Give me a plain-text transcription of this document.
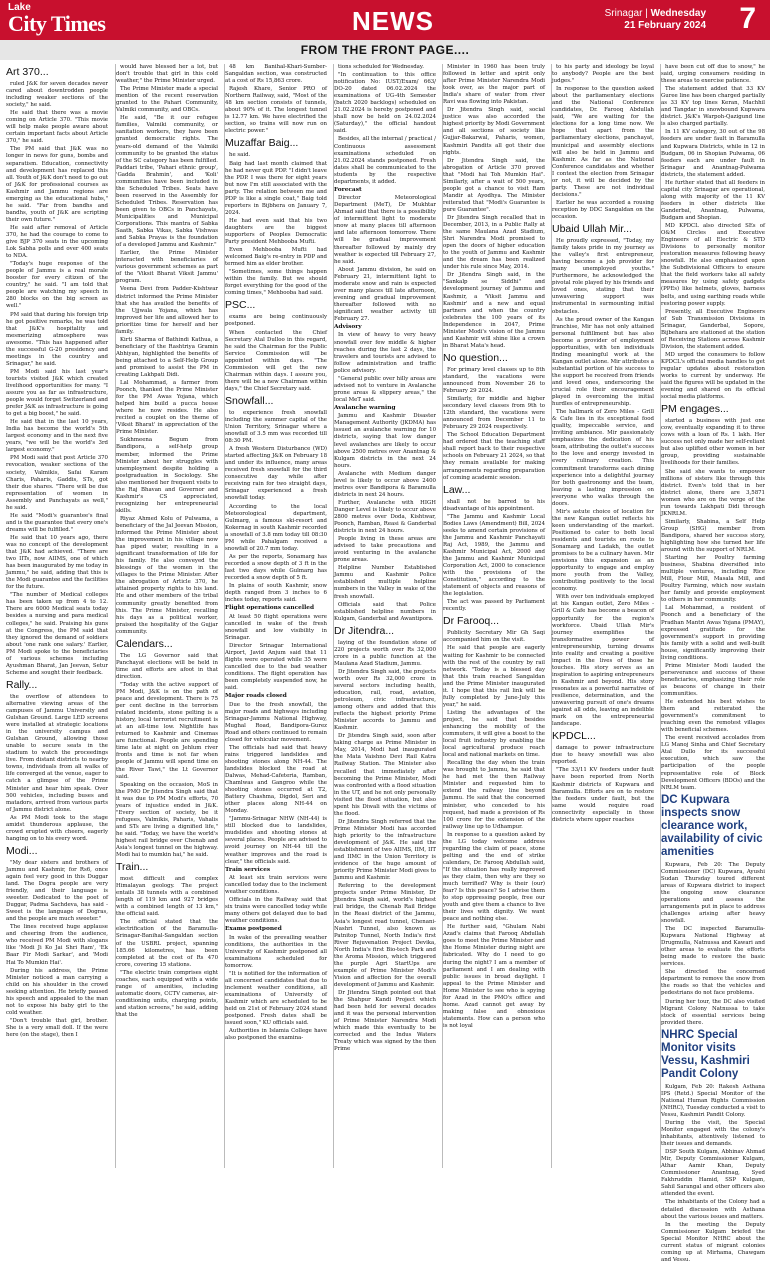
Lake
City Times	NEWS	Srinagar | Wednesday
21 February 2024 7
FROM THE FRONT PAGE....
Art 370...

ruled J&K for seven decades never cared about downtrodden people including weaker sections of the society," he said.

He said that there was a movie coming on Article 370. "This movie will help make people aware about certain important facts about Article 370," he said.

The PM said that J&K was no longer in news for guns, bombs and separatism. Education, connectivity and development has replaced this all. Youth of J&K don't need to go out of J&K for professional courses as Kashmir and Jammu regions are emerging as the educational hubs," he said. "Far from bandhs and bandhs, youth of J&K are scripting their own future."

He said after removal of Article 370, he had the courage to come to give BJP 370 seats in the upcoming Lok Sabha polls and over 400 seats to NDA.

"Today's huge response of the people of Jammu is a real morale booster for every citizen of the country," he said. "I am told that people are watching my speech in 280 blocks on the big screen as well."

PM said that during his foreign trip he got positive remarks, he was told that J&K's hospitality and mesmerizing atmosphere was awesome. "This has happened after the successful G-20 presidency and meetings in the country and Srinagar," he said.

PM Modi said his last year's tourists visited J&K which created livelihood opportunities for many. "I assure you as far as infrastructure, people would forget Switzerland and prefer J&K as infrastructure is going to get a big boost," he said.

He said that in the last 10 years, India has become the world's 5th largest economy and in the next five years, "we will be the world's 3rd largest economy."

PM Modi said that post Article 370 revocation, weaker sections of the society, Valmikis, Safai Karam Charis, Paharis, Gaddis, STs, got their due shares. "There will be due representation of women in Assembly and Panchayats as well," he said.

He said "Modi's guarantee's final and is the guarantee that every one's dreams will be fulfilled."

He said that 10 years ago, there was no concept of the development that J&K had achieved. "There are two IITs, now AIIMS, one of which has been inaugurated by me today in Jammu," he said, adding that this is the Modi guarantee and the facilities for the future.

"The number of Medical colleges has been taken up from 4 to 12. There are 6000 Medical seats today besides a nursing and para medical colleges," he said. Praising his guns at the Congress, the PM said that they ignored the demand of soldiers about 'one rank one salary.' Earlier, PM Modi spoke to the beneficiaries of various schemes including Ayushman Bharat, Jan Jeevan, Setur Scheme and sought their feedback.

Rally...

the overflow of attendees to alternative viewing areas of the campuses of Jammu University and Gulshan Ground. Large LED screens were installed at strategic locations in the university campus and Gulshan Ground, allowing those unable to secure seats in the stadium to watch the proceedings live. From distant districts to nearby towns, individuals from all walks of life converged at the venue, eager to catch a glimpse of the Prime Minister and hear him speak. Over 500 vehicles, including buses and matadors, arrived from various parts of Jammu district alone.

As PM Modi took to the stage amidst thunderous applause, the crowd erupted with cheers, eagerly hanging on to his every word.

Modi...

"My dear sisters and brothers of Jammu and Kashmir, for Rs6, once again feel very good in this Duggar land. The Dogra people are very friendly, and their language is sweeter. Dedicated to the poet of Duggar, Padma Sachdeva, has said - Sweet is the language of Dogras, and the people are much sweeter."

The lines received huge applause and cheering from the audience, who received PM Modi with slogans like 'Modi Ji Ko Jai Shri Ram', 'Ek Baar Fir Modi Sarkar', and 'Modi Hai To Mumkin Hai'.

During his address, the Prime Minister noticed a man carrying a child on his shoulder in the crowd seeking attention. He briefly paused his speech and appealed to the man not to expose his baby girl to the cold weather.

"Don't trouble that girl, brother. She is a very small doll. If the were here (on the stage), then I

would have blessed her a lot, but don't trouble that girl in this cold weather," the Prime Minister urged.

The Prime Minister made a special mention of the recent reservation granted to the Pahari Community, Valmiki community, and OBCs.

He said, "Be it our refugee families, Valmiki community, or sanitation workers, they have been granted democratic rights. The years-old demand of the Valmiki community to be granted the status of the SC category has been fulfilled. Paddari tribe, 'Pahari ethnic group', 'Gadda Brahmin', and 'Koli' communities have been included in the Scheduled Tribes. Seats have been reserved in the Assembly for Scheduled Tribes. Reservation has been given to OBCs in Panchayats, Municipalities and Municipal Corporations. This mantra of Sabka Saath, Sabka Vikas, Sabka Vishwas and Sabka Prayas is the foundation of a developed Jammu and Kashmir."

Earlier, the Prime Minister interacted with beneficiaries of various government schemes as part of the 'Viksit Bharat Viksit Jammu' program.

Veena Devi from Padder-Kishtwar district informed the Prime Minister that she has availed the benefits of the Ujjwala Yojana, which has improved her life and allowed her to prioritize time for herself and her family.

Kirti Sharma of Bathindi Kathua, a beneficiary of the Rashtriya Gramin Abhiyan, highlighted the benefits of being attached to a Self-Help Group and promised to assist the PM in creating Lakhpati Didi.

Lal Mohammad, a farmer from Poonch, thanked the Prime Minister for the PM Awas Yojana, which helped him build a pucca house where he now resides. He also recited a couplet on the theme of 'Viksit Bharat' in appreciation of the Prime Minister.

Sukhmeena Begum from Bandipora, a self-help group member, informed the Prime Minister about her struggles with unemployment despite holding a postgraduation in Sociology. She also mentioned her frequent visits to the Raj Bhavan and Governor and Kashmir's CS appreciated, recognizing her entrepreneurial skills.

Riyaz Ahmed Kolu of Pulwama, a beneficiary of the Jal Jeevan Mission, informed the Prime Minister about the improvement in his village now has piped water, resulting in a significant transformation of life for his family. He also conveyed the blessings of the women in the villages to the Prime Minister. After the abrogation of Article 370, he attained property rights to his land. He and other members of the tribal community greatly benefited from this. The Prime Minister, recalling his days as a political worker, praised the hospitality of the Gujjar community.

Calendars...

The LG Governor said that Panchayat elections will be held in time and efforts are afoot in that direction.

"Today with the active support of PM Modi, J&K is on the path of peace and development. There is 75 per cent decline in the terrorism related incidents, stone pelting is a history, local terrorist recruitment is at an all-time low. Nightlife has returned to Kashmir and Cinemas are functional. People are spending time late at night on Jehlum river fronts and time is not far when people of Jammu will spend time on the River Tawi," the Lt Governor said.

Speaking on the occasion, MoS in the PMO Dr Jitendra Singh said that it was due to PM Modi's efforts, 70 years of injustice ended in J&K. "Every section of society, be it refugees, Valmikis, Paharis, Vahalis and STs are living a dignified life," he said. "Today, we have the world's highest rail bridge over Chenab and Asia's longest tunnel on the highway. Modi hai to mumkin hai," he said.

Train...

most difficult and complex Himalayan geology. The project entails 38 tunnels with a combined length of 119 km and 927 bridges with a combined length of 13 km," the official said.

The official stated that the electrification of the Baramulla-Srinagar-Banihal-Sangaldan section of the USBRL project, spanning 185.66 kilometres, has been completed at the cost of Rs 470 crore, covering 15 stations.

"The electric train comprises eight coaches, each equipped with a wide range of amenities, including automatic doors, CCTV cameras, air-conditioning units, charging points, and station screens," he said, adding that the

48 km Banihal-Khari-Sumber-Sangaldan section, was constructed at a cost of Rs 15,863 crore.

Rajesh Khare, Senior PRO of Northern Railway, said, "Most of the 48 km section consists of tunnels, about 90% of it. The longest tunnel is 12.77 km. We have electrified the section, so trains will now run on electric power."

Muzaffar Baig...

he said.

Baig had last month claimed that he had never quit PDP. "I didn't leave the PDP. I was there for eight years but now I'm still associated with the party. The relation between me and PDP is like a single coat," Baig told reporters in Bijbhera on January 7, 2024.

He had even said that his two daughters are the biggest supporters of Peoples Democratic Party president Mehbooba Mufti.

Even Mehbooba Mufti had welcomed Baig's re-entry in PDP and termed him as elder brother.

"Sometimes, some things happen within the family. But we should forget everything for the good of the coming times," Mehbooba had said.

PSC...

exams are being continuously postponed.

When contacted the Chief Secretary Atal Dulloo in this regard, he said the Chairman for the Public Service Commission will be appointed within days. "The Commission will get the new Chairman within days. I assure you, there will be a new Chairman within days," the Chief Secretary said.

Snowfall...

to experience fresh snowfall including the summer capital of the Union Territory, Srinagar where a snowfall of 3.5 mm was recorded till 08:30 PM.

A fresh Western Disturbance (WD) started affecting J&K on February 18 and under its influence, many areas received fresh snowfall for the third consecutive day while after receiving rain for two straight days, Srinagar experienced a fresh snowfall today.

According to the local Meteorological department, Gulmarg, a famous ski-resort and Kokernag in south Kashmir recorded a snowfall of 3.8 mm today till 08:30 PM while Pahalgam received a snowfall of 20.7 mm today.

As per the reports, Sonamarg has recorded a snow depth of 3 ft in the last two days while Gulmarg has recorded a snow depth of 5 ft.

In plains of south Kashmir, snow depth ranged from 3 inches to 6 inches today, reports said.

Flight operations cancelled

At least 50 flight operations were cancelled in wake of the fresh snowfall and low visibility in Srinagar.

Director Srinagar International Airport, Javid Anjum said that 11 flights were operated while 35 were cancelled due to the bad weather conditions. The flight operation has been completely suspended now, he said.

Major roads closed

Due to the fresh snowfall, the major roads and highways including Srinagar-Jammu National Highway, Mughal Road, Bandipora-Gurez Road and others continued to remain closed for vehicular movement.

The officials had said that heavy rains triggered landslides and shooting stones along NH-44. The landslides blocked the road at Dalwas, Mehad-Cafeteria, Ramban, Chamlwas and Gangroo while the shooting stones occurred at T2, Battery Chashma, Digdol, Seri and other places along NH-44 on Monday.

"Jammu-Srinagar NHW (NH-44) is still blocked due to landslides, mudslides and shooting stones at several places. People are advised to avoid journey on NH-44 till the weather improves and the road is clear," the officials said.

Train services

At least six train services were cancelled today due to the inclement weather conditions.

Officials in the Railway said that six trains were cancelled today while many others got delayed due to bad weather conditions.

Exams postponed

In wake of the prevailing weather conditions, the authorities in the University of Kashmir postponed all examinations scheduled for tomorrow.

"It is notified for the information of all concerned candidates that due to inclement weather conditions, all examinations of University of Kashmir which are scheduled to be held on 21st of February 2024 stand postponed. Fresh dates shall be issued soon," KU officials said.

Authorities in Islamia College have also postponed the examina-

tions scheduled for Wednesday.

"In continuation to this office notification No: IUST/Exam/ 663/ DO-20 dated 06.02.2024 the examinations of UG-4th Semester (batch 2020 backlogs) scheduled on 21.02.2024 is hereby postponed and shall now be held on 24.02.2024 (Saturday)," the official handout said.

Besides, all the internal / practical / Continuous assessment examinations scheduled on 21.02.2024 stands postponed. Fresh dates shall be communicated to the students by the respective departments, it added.

Forecast

Director Meteorological Department (MeT), Dr Mukhtar Ahmad said that there is a possibility of intermittent light to moderate snow at many places till afternoon and late afternoon tomorrow. There will be gradual improvement thereafter followed by mainly dry weather is expected till February 27, he said.

About Jammu division, he said on February 21, intermittent light to moderate snow and rain is expected over many places till late afternoon, evening and gradual improvement thereafter followed with no significant weather activity till February 27.

Advisory

In view of heavy to very heavy snowfall over few middle & higher reaches during the last 2 days, the travelers and tourists are advised to follow administration and traffic police advisory.

"General public over hilly areas are advised not to venture in Avalanche prone areas & slippery areas," the local MeT said.

Avalanche warning

Jammu and Kashmir Disaster Management Authority (JKDMA) has issued an avalanche warning for 10 districts, saying that low danger level avalanches are likely to occur above 2500 metres over Anantnag & Kulgam districts in the next 24 hours.

Avalanche with Medium danger level is likely to occur above 2400 metres over Bandipora & Baramulla districts in next 24 hours.

Further, Avalanche with HIGH Danger Level is likely to occur above 2800 metres over Doda, Kishtwar, Poonch, Ramban, Reasi & Ganderbal districts in next 24 hours.

People living in these areas are advised to take precautions and avoid venturing in the avalanche prone areas.

Helpline Number Established Jammu and Kashmir Police established multiple helpline numbers in the Valley in wake of the fresh snowfall.

Officials said that Police established helpline numbers in Kulgam, Ganderbal and Awantipora.

Dr Jitendra...

laying of the foundation stone of 220 projects worth over Rs 32,000 crore in a public function at the Maulana Azad Stadium, Jammu.

Dr Jitendra Singh said, the projects worth over Rs 32,000 crore in several sectors including health, education, rail, road, aviation, petroleum, civic infrastructure, among others and added that this reflects the highest priority Prime Minister accords to Jammu and Kashmir.

Dr Jitendra Singh said, soon after taking charge as Prime Minister in May, 2014, Modi had inaugurated the Mata Vaishno Devi Rail Katra Railway Station. The Minister also recalled that immediately after becoming the Prime Minister, Modi was confronted with a flood situation in the UT, and he not only personally visited the flood situation, but also spent his Diwali with the victims of the flood.

Dr Jitendra Singh referred that the Prime Minister Modi has accorded high priority to the infrastructure development of J&K. He said the establishment of two AIIMS, IIM, IIT and IIMC in the Union Territory is evidence of the huge amount of priority Prime Minister Modi gives to Jammu and Kashmir.

Referring to the development projects under Prime Minister, Dr Jitendra Singh said, world's highest rail bridge, the Chenab Rail Bridge in the Reasi district of the Jammu, Asia's longest road tunnel, Chenani-Nashri Tunnel, also known as Patnitop Tunnel, North India's first River Rejuvenation Project Devika, North India's first Bio-tech Park and the Aroma Mission, which triggered the purple Agri StartUps are example of Prime Minister Modi's Vision and affection for the overall development of Jammu and Kashmir.

Dr Jitendra Singh pointed out that the Shahpur Kandi Project which had been held for several decades and it was the personal intervention of Prime Minister Narendra Modi which made this eventually to be corrected and the Indus Waters Treaty which was signed by the then Prime

Minister in 1960 has been truly followed in letter and spirit only after Prime Minister Narendra Modi took over, as the major part of India's share of water from river Ravi was flowing into Pakistan.

Dr Jitendra Singh said, social justice was also accorded the highest priority by Modi Government and all sections of society like Gujjar-Bakarwal, Paharis, women, Kashmiri Pandits all got their due rights.

Dr Jitendra Singh said, the abrogation of Article 370 proved that "Modi hai Toh Mumkin Hai". Similarly, after a wait of 500 years, people got a chance to visit Ram Mandir at Ayodhya. The Minister reiterated that "Modi's Guarantee is pure Guarantee".

Dr Jitendra Singh recalled that in December, 2013, in a Public Rally at the same Maulana Azad Stadium, Shri Narendra Modi promised to open the doors of higher education to the youth of Jammu and Kashmir and the dream has been realized under his rule since May, 2014.

Dr Jitendra Singh said, in the "Sankalp se Siddhi" and development journey of Jammu and Kashmir, a 'Viksit Jammu and Kashmir' and a new and equal partners and when the country celebrates the 100 years of its Independence in 2047, Prime Minister Modi's vision of the Jammu and Kashmir will shine like a crown in Bharat Mata's head.

No question...

For primary level classes up to 8th standard, the vacations were announced from November 26 to February 29 2024.

Similarly, for middle and higher secondary level classes from 9th to 12th standard, the vacations were announced from December 11 to February 29 2024 respectively.

The School Education Department had ordered that the teaching staff shall report back to their respective schools on February 21 2024, so that they remain available for making arrangements regarding preparation of coming academic session.

Law...

shall not be barred to his disadvantage of his appointment.

"The Jammu and Kashmir Local Bodies Laws (Amendment) Bill, 2024 seeks to amend certain provisions of the Jammu and Kashmir Panchayati Raj Act, 1989, the Jammu and Kashmir Municipal Act, 2000 and the Jammu and Kashmir Municipal Corporation Act, 2000 to conscience with the provisions of the Constitution," according to the statement of objects and reasons of the legislation.

The act was passed by Parliament recently.

Dr Farooq...

Publicity Secretary Mir Gh Saqi accompanied him on the visit.

He said that people are eagerly waiting for Kashmir to be connected with the rest of the country by rail network. "Today is a blessed day that this train reached Sangaldan and the Prime Minister inaugurated it. I hope that this rail link will be fully completed by June-July this year," he said.

Listing the advantages of the project, he said that besides enhancing the mobility of the commuters, it will give a boost to the local fruit industry by enabling the local agricultural produce reach local and national markets on time.

Recalling the day when the train was brought to Jammu, he said that he had met the then Railway Minister and requested him to extend the railway line beyond Jammu. He said that the concerned minister, who conceded to his request, had made a provision of Rs 100 crore for the extension of the railway line up to Udhampur.

In response to a question asked by the LG today welcome address regarding the claim of peace, stone pelting and the end of strike calendars, Dr. Farooq Abdullah said, "If the situation has really improved as they claim, then why are they so much terrified? Why is their (our) fear? Is this peace? So I advise them to stop oppressing people, free our youth and give them a chance to live their lives with dignity. We want peace and nothing else.

He further said, "Ghulam Nabi Azad's claims that Farooq Abdullah goes to meet the Prime Minister and the Home Minister during night are fabricated. Why do I need to go during the night? I am a member of parliament and I am dealing with public issues in broad daylight. I appeal to the Prime Minister and Home Minister to see who is spying for Azad in the PMO's office and home. Azad cannot get away by making false and obnoxious statements. How can a person who is not loyal

to his party and ideology be loyal to anybody? People are the best judges."

In response to the question asked about the parliamentary elections and the National Conference candidates, Dr. Farooq Abdullah said, "We are waiting for the elections for a long time now. We hope that apart from the parliamentary elections, panchayat, municipal and assembly elections will also be held in Jammu and Kashmir. As far as the National Conference candidates and whether I contest the election from Srinagar or not, it will be decided by the party. These are not individual decisions."

Earlier he was accorded a rousing reception by DDC Sangaldan on the occasion.

Ubaid Ullah Mir...

He proudly expressed, "Today, my family takes pride in my journey as the valley's first entrepreneur, having become a job provider for many unemployed youths." Furthermore, he acknowledged the pivotal role played by his friends and loved ones, stating that their unwavering support was instrumental in surmounting initial obstacles.

As the proud owner of the Kangan franchise, Mir has not only attained personal fulfillment but has also become a provider of employment opportunities, with ten individuals finding meaningful work at the Kangan outlet alone. Mir attributes a substantial portion of his success to the support he received from friends and loved ones, underscoring the crucial role their encouragement played in overcoming the initial hurdles of entrepreneurship.

The hallmark of Zero Miles - Grill & Cafe lies in its exceptional food quality, impeccable service, and inviting ambiance. Mir passionately emphasizes the dedication of his team, attributing the outlet's success to the love and energy invested in every culinary creation. This commitment transforms each dining experience into a delightful journey for both gastronomy and the team, leaving a lasting impression on everyone who walks through the doors.

Mir's astute choice of location for the new Kangan outlet reflects his keen understanding of the market. Positioned to cater to both local residents and tourists en route to Sonamarg and Ladakh, the outlet promises to be a culinary haven. Mir envisions this expansion as an opportunity to engage and employ more youth from the Valley, contributing positively to the local economy.

With over ten individuals employed at his Kangan outlet, Zero Miles - Grill & Cafe has become a beacon of opportunity for the region's workforce. Ubaid Ullah Mir's journey exemplifies the transformative power of entrepreneurship, turning dreams into reality and creating a positive impact in the lives of those he touches. His story serves as an inspiration to aspiring entrepreneurs in Kashmir and beyond. His story resonates as a powerful narrative of resilience, determination, and the unwavering pursuit of one's dreams against all odds, leaving an indelible mark on the entrepreneurial landscape.

KPDCL...

damage to power infrastructure due to heavy snowfall was also reported.

"The 33/11 KV feeders under fault have been reported from North Kashmir districts of Kupwara and Baramulla. Efforts are on to restore the feeders under fault, but the same would require road connectivity especially in those districts where upper reaches

have been cut off due to snow," he said, urging consumers residing in these areas to exercise patience.

The statement added that 33 KV Guree line has been charged partially as 33 KV top lines Keran, Machhil and Tangdar in snowbound Kupwara district. J&K's Warpoh-Qazigund line is also charged partially.

In 11 KV category, 30 out of the 98 feeders are under fault in Baramulla and Kupwara Districts, while in 12 in Budgam, 06 in Shopian Pulwama, 06 feeders each are under fault in Srinagar and Anantnag-Pulwama districts, the statement added.

He further stated that all feeders in capital city Srinagar are operational, along with majority of the 11 KV feeders in other districts like Ganderbal, Anantnag, Pulwama, Budgam and Shopian.

MD KPDCL also directed SEs of O&M Circles and Executive Engineers of all Electric & STD Divisions to personally monitor restoration measures following heavy snowfall. He also emphasized upon the Subdivisional Officers to ensure that the field workers take all safety measures by using safety gadgets (PPEs) like helmets, gloves, harness belts, and using earthing roads while restoring power supply.

Presently, all Executive Engineers of Sub Transmission Divisions in Srinagar, Ganderbal, Sopore, Bijbehara are stationed at the station of Receiving Stations across Kashmir Division, the statement added.

MD urged the consumers to follow KPDCL's official media handles to get regular updates about restoration works to current by underway. He said the figures will be updated in the evening and shared on its official social media platforms.

PM engages...

started a business with just one cow, eventually expanding it to three cows with a loan of Rs. 1 lakh. Her success not only made her self-reliant but also uplifted other women in her group, providing sustainable livelihoods for their families.

She said she wants to empower millions of sisters like through this district. Even's told that in her district alone, there are 3,5871 women who are on the verge of the run towards Lakhpati Didi through JKNRLM.

Similarly, Shabina, a Self Help Group (SHG) member from Bandipora, shared her success story, highlighting how she turned her life around with the support of NRLM.

Starting her Poultry farming business, Shabina diversified into multiple ventures, including Rice Mill, Flour Mill, Masala Mill, and Poultry Farming, which now sustain her family and provide employment to others in her community.

Lal Mohammad, a resident of Poonch and a beneficiary of the Pradhan Mantri Awas Yojana (PMAY), expressed gratitude for the government's support in providing his family with a solid and well-built house, significantly improving their living conditions.

Prime Minister Modi lauded the perseverance and success of these beneficiaries, emphasizing their role as beacons of change in their communities.

He extended his best wishes to them and reiterated the government's commitment to reaching even the remotest villages with beneficial schemes.

The event received accolades from LG Manoj Sinha and Chief Secretary Atal Dullo for its successful execution, which saw the participation of the people representative role of Block Development Officers (BDOs) and the NRLM team.

DC Kupwara inspects snow clearance work, availability of civic amenities

Kupwara, Feb 20: The Deputy Commissioner (DC) Kupwara, Ayushi Sudan Thursday toured different areas of Kupwara district to inspect the ongoing snow clearance operations and assess the arrangements put in place to address challenges arising after heavy snowfall.

The DC inspected Baramulla-Kupwara National Highway at Drugmulla, Natnussa and Kawari and other areas to evaluate the efforts being made to restore the basic services.

She directed the concerned department to remove the snow from the roads so that the vehicles and pedestrians do not face problems.

During her tour, the DC also visited Migrant Colony Natnussa to take stock of essential services being provided there.

NHRC Special Monitor visits Vessu, Kashmiri Pandit Colony

Kulgam, Feb 20: Rakesh Asthana IPS (Retd.) Special Monitor of the National Human Rights Commission (NHRC), Tuesday conducted a visit to Vessu, Kashmiri Pandit Colony.

During the visit, the Special Monitor engaged with the colony's inhabitants, attentively listened to their issues and demands.

DSP South Kulgam, Abhinav Ahmad Mir, Deputy Commissioner Kulgam, Athar Aamir Khan, Deputy Commissioner Anantnag, Syed Fakhruddin Hamid, SSP Kulgam, Sahil Sarangal and other officers also attended the event.

The inhabitants of the Colony had a detailed discussion with Asthana about the various issues and matters.

In the meeting the Deputy Commissioner Kulgam briefed the Special Monitor NHRC about the current status of migrant colonies coming up at Mirhama, Chawgam and Vessu.
